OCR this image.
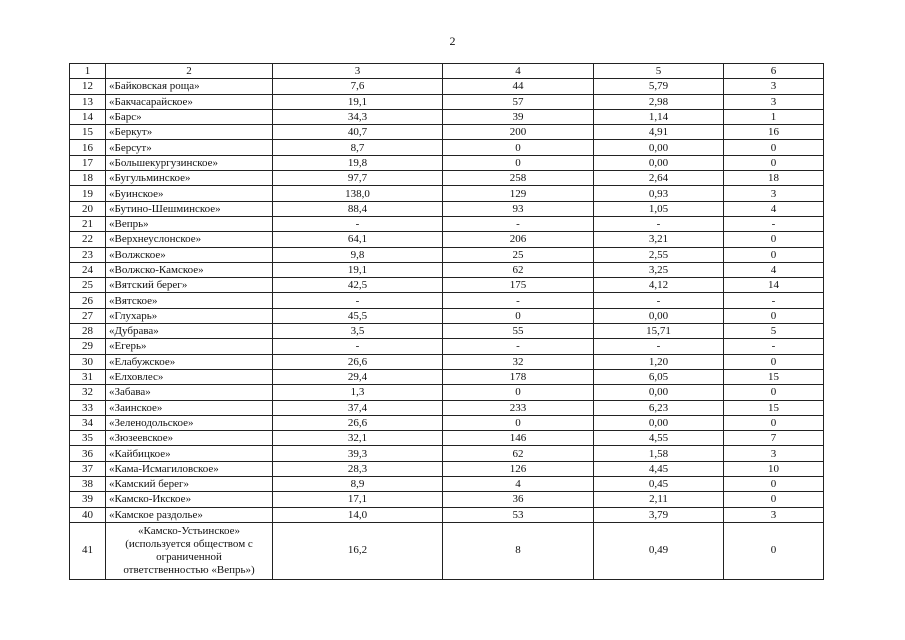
2
1	2	3	4	5	6
12	«Байковская роща»	7,6	44	5,79	3
13	«Бакчасарайское»	19,1	57	2,98	3
14	«Барс»	34,3	39	1,14	1
15	«Беркут»	40,7	200	4,91	16
16	«Берсут»	8,7	0	0,00	0
17	«Большекургузинское»	19,8	0	0,00	0
18	«Бугульминское»	97,7	258	2,64	18
19	«Буинское»	138,0	129	0,93	3
20	«Бутино-Шешминское»	88,4	93	1,05	4
21	«Вепрь»	-	-	-	-
22	«Верхнеуслонское»	64,1	206	3,21	0
23	«Волжское»	9,8	25	2,55	0
24	«Волжско-Камское»	19,1	62	3,25	4
25	«Вятский берег»	42,5	175	4,12	14
26	«Вятское»	-	-	-	-
27	«Глухарь»	45,5	0	0,00	0
28	«Дубрава»	3,5	55	15,71	5
29	«Егерь»	-	-	-	-
30	«Елабужское»	26,6	32	1,20	0
31	«Елховлес»	29,4	178	6,05	15
32	«Забава»	1,3	0	0,00	0
33	«Заинское»	37,4	233	6,23	15
34	«Зеленодольское»	26,6	0	0,00	0
35	«Зюзеевское»	32,1	146	4,55	7
36	«Кайбицкое»	39,3	62	1,58	3
37	«Кама-Исмагиловское»	28,3	126	4,45	10
38	«Камский берег»	8,9	4	0,45	0
39	«Камско-Икское»	17,1	36	2,11	0
40	«Камское раздолье»	14,0	53	3,79	3
41	«Камско-Устьинское»
(используется обществом с
ограниченной
ответственностью «Вепрь»)	16,2	8	0,49	0
